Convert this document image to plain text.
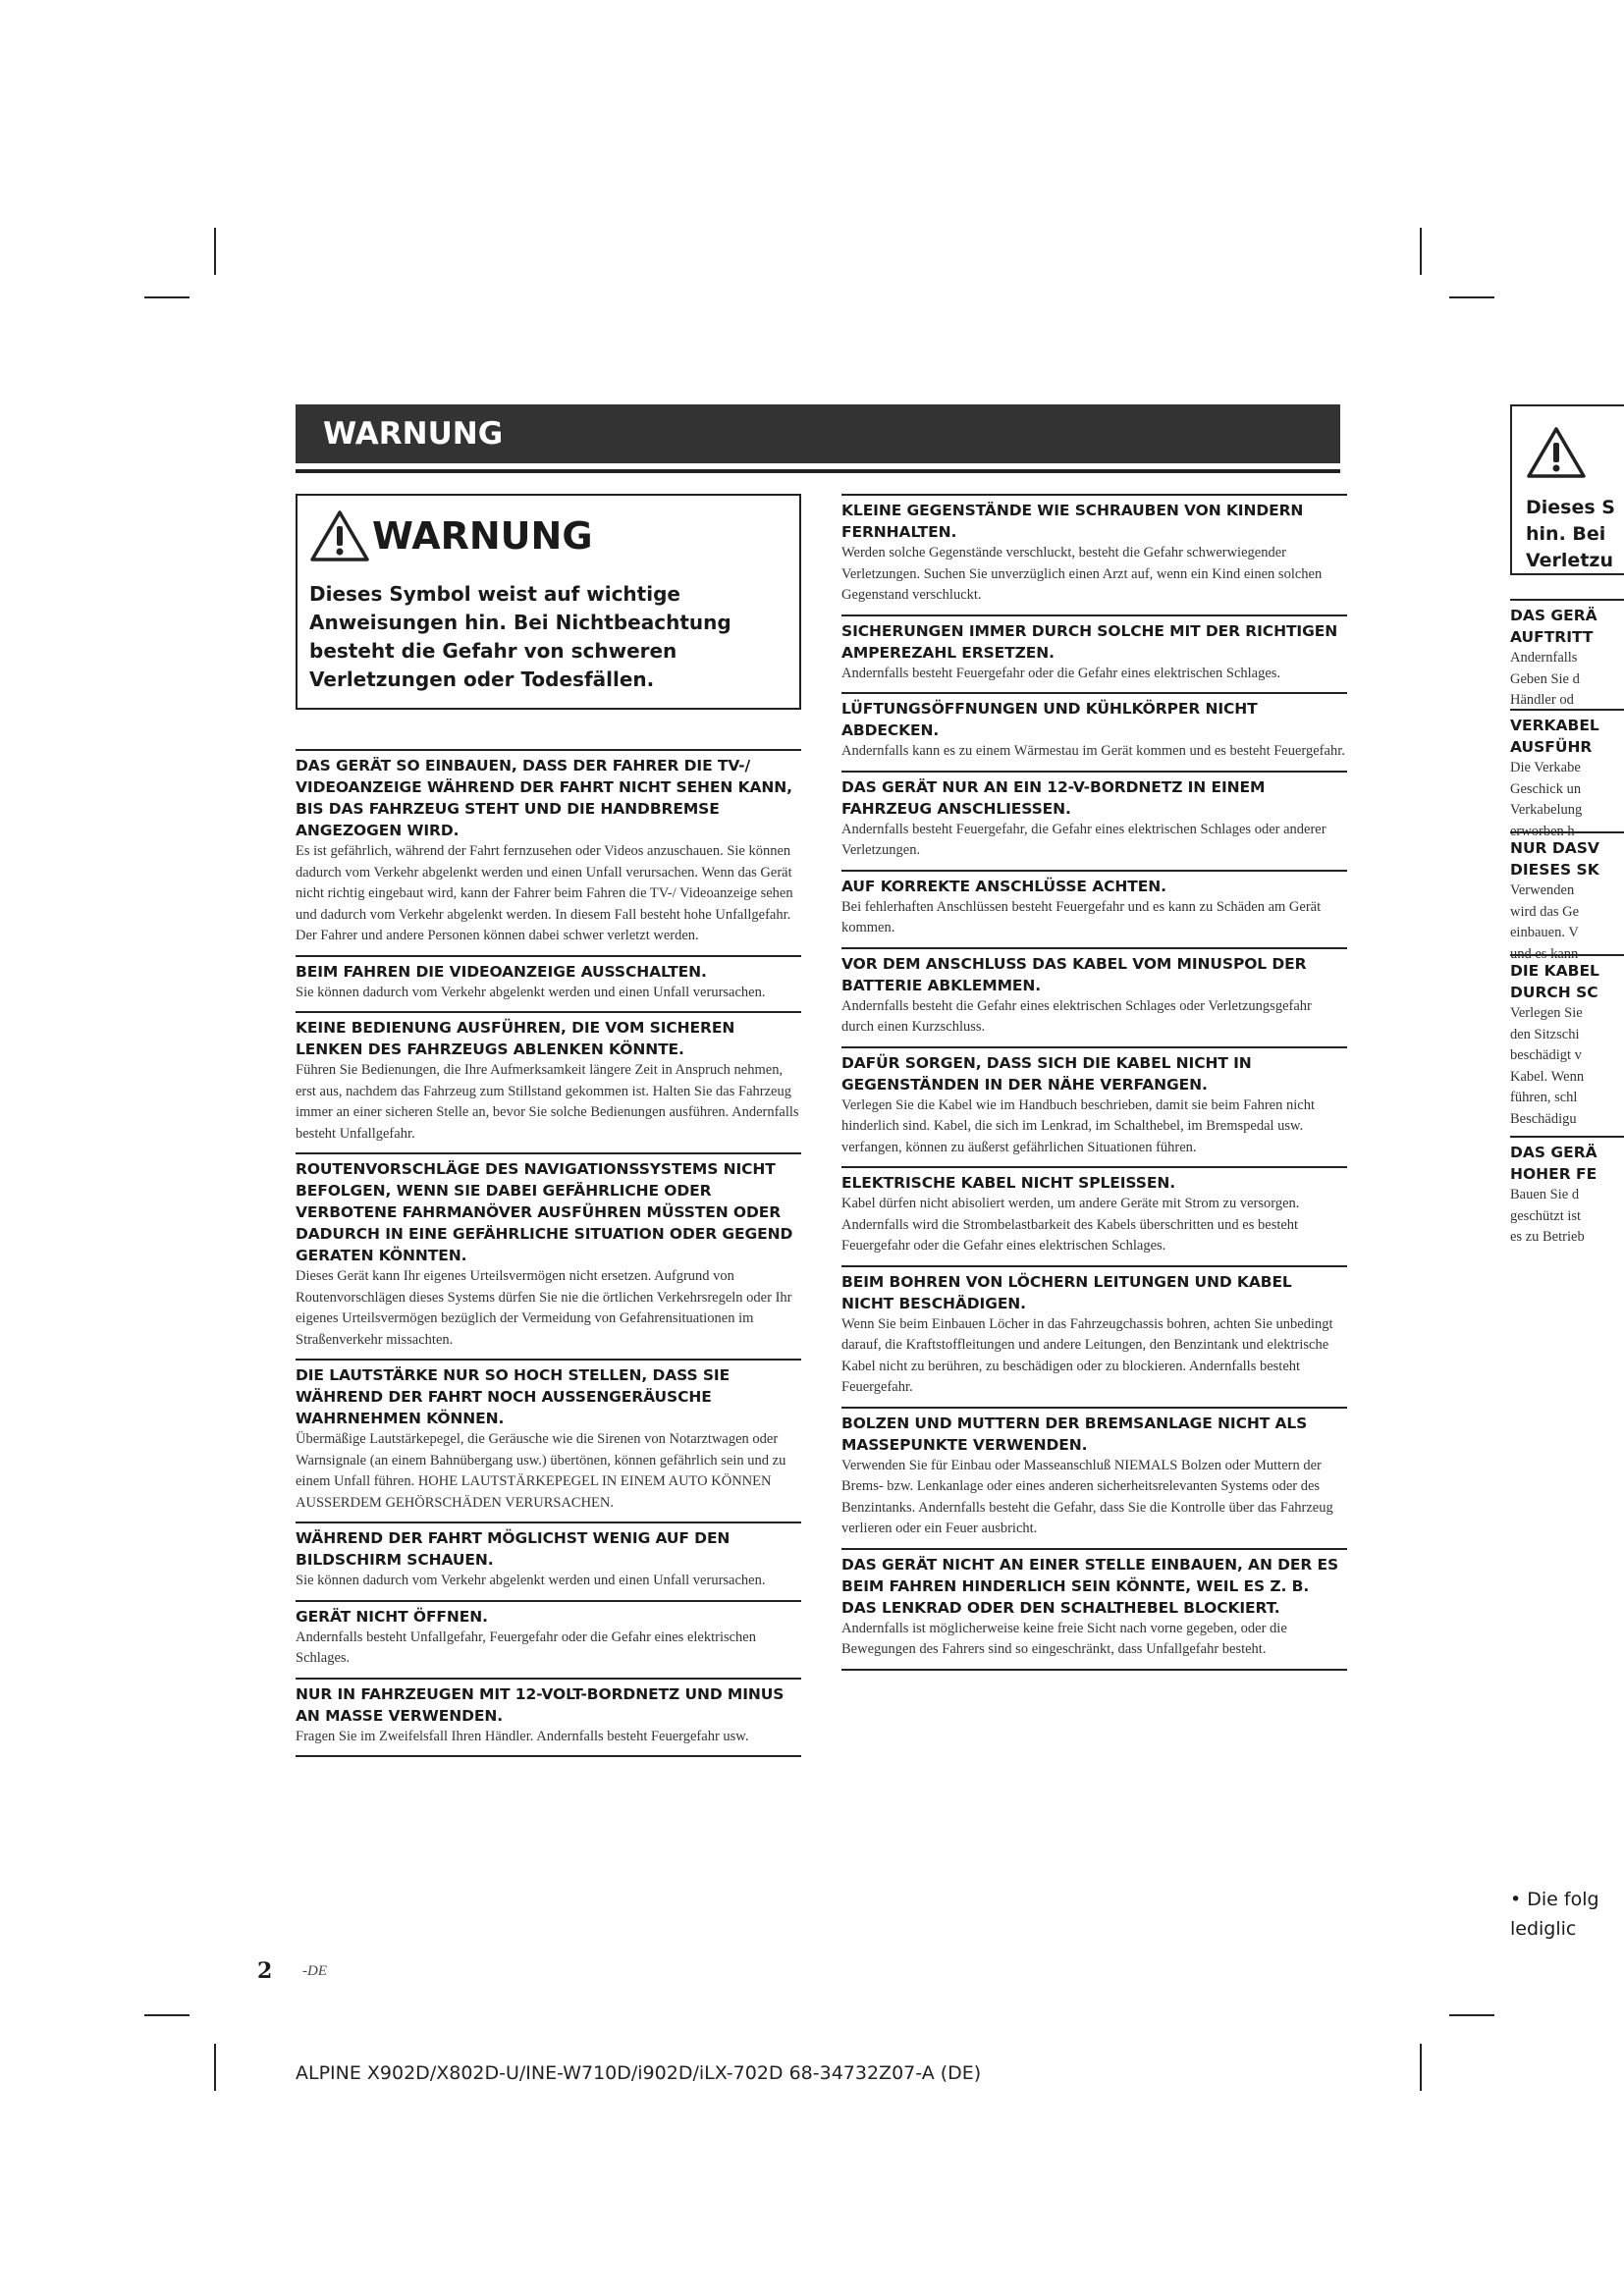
WARNUNG
WARNUNG
Dieses Symbol weist auf wichtige Anweisungen hin. Bei Nichtbeachtung besteht die Gefahr von schweren Verletzungen oder Todesfällen.
DAS GERÄT SO EINBAUEN, DASS DER FAHRER DIE TV-/ VIDEOANZEIGE WÄHREND DER FAHRT NICHT SEHEN KANN, BIS DAS FAHRZEUG STEHT UND DIE HANDBREMSE ANGEZOGEN WIRD.
Es ist gefährlich, während der Fahrt fernzusehen oder Videos anzuschauen. Sie können dadurch vom Verkehr abgelenkt werden und einen Unfall verursachen. Wenn das Gerät nicht richtig eingebaut wird, kann der Fahrer beim Fahren die TV-/ Videoanzeige sehen und dadurch vom Verkehr abgelenkt werden. In diesem Fall besteht hohe Unfallgefahr. Der Fahrer und andere Personen können dabei schwer verletzt werden.
BEIM FAHREN DIE VIDEOANZEIGE AUSSCHALTEN.
Sie können dadurch vom Verkehr abgelenkt werden und einen Unfall verursachen.
KEINE BEDIENUNG AUSFÜHREN, DIE VOM SICHEREN LENKEN DES FAHRZEUGS ABLENKEN KÖNNTE.
Führen Sie Bedienungen, die Ihre Aufmerksamkeit längere Zeit in Anspruch nehmen, erst aus, nachdem das Fahrzeug zum Stillstand gekommen ist. Halten Sie das Fahrzeug immer an einer sicheren Stelle an, bevor Sie solche Bedienungen ausführen. Andernfalls besteht Unfallgefahr.
ROUTENVORSCHLÄGE DES NAVIGATIONSSYSTEMS NICHT BEFOLGEN, WENN SIE DABEI GEFÄHRLICHE ODER VERBOTENE FAHRMANÖVER AUSFÜHREN MÜSSTEN ODER DADURCH IN EINE GEFÄHRLICHE SITUATION ODER GEGEND GERATEN KÖNNTEN.
Dieses Gerät kann Ihr eigenes Urteilsvermögen nicht ersetzen. Aufgrund von Routenvorschlägen dieses Systems dürfen Sie nie die örtlichen Verkehrsregeln oder Ihr eigenes Urteilsvermögen bezüglich der Vermeidung von Gefahrensituationen im Straßenverkehr missachten.
DIE LAUTSTÄRKE NUR SO HOCH STELLEN, DASS SIE WÄHREND DER FAHRT NOCH AUSSENGERÄUSCHE WAHRNEHMEN KÖNNEN.
Übermäßige Lautstärkepegel, die Geräusche wie die Sirenen von Notarztwagen oder Warnsignale (an einem Bahnübergang usw.) übertönen, können gefährlich sein und zu einem Unfall führen. HOHE LAUTSTÄRKEPEGEL IN EINEM AUTO KÖNNEN AUSSERDEM GEHÖRSCHÄDEN VERURSACHEN.
WÄHREND DER FAHRT MÖGLICHST WENIG AUF DEN BILDSCHIRM SCHAUEN.
Sie können dadurch vom Verkehr abgelenkt werden und einen Unfall verursachen.
GERÄT NICHT ÖFFNEN.
Andernfalls besteht Unfallgefahr, Feuergefahr oder die Gefahr eines elektrischen Schlages.
NUR IN FAHRZEUGEN MIT 12-VOLT-BORDNETZ UND MINUS AN MASSE VERWENDEN.
Fragen Sie im Zweifelsfall Ihren Händler. Andernfalls besteht Feuergefahr usw.
KLEINE GEGENSTÄNDE WIE SCHRAUBEN VON KINDERN FERNHALTEN.
Werden solche Gegenstände verschluckt, besteht die Gefahr schwerwiegender Verletzungen. Suchen Sie unverzüglich einen Arzt auf, wenn ein Kind einen solchen Gegenstand verschluckt.
SICHERUNGEN IMMER DURCH SOLCHE MIT DER RICHTIGEN AMPEREZAHL ERSETZEN.
Andernfalls besteht Feuergefahr oder die Gefahr eines elektrischen Schlages.
LÜFTUNGSÖFFNUNGEN UND KÜHLKÖRPER NICHT ABDECKEN.
Andernfalls kann es zu einem Wärmestau im Gerät kommen und es besteht Feuergefahr.
DAS GERÄT NUR AN EIN 12-V-BORDNETZ IN EINEM FAHRZEUG ANSCHLIESSEN.
Andernfalls besteht Feuergefahr, die Gefahr eines elektrischen Schlages oder anderer Verletzungen.
AUF KORREKTE ANSCHLÜSSE ACHTEN.
Bei fehlerhaften Anschlüssen besteht Feuergefahr und es kann zu Schäden am Gerät kommen.
VOR DEM ANSCHLUSS DAS KABEL VOM MINUSPOL DER BATTERIE ABKLEMMEN.
Andernfalls besteht die Gefahr eines elektrischen Schlages oder Verletzungsgefahr durch einen Kurzschluss.
DAFÜR SORGEN, DASS SICH DIE KABEL NICHT IN GEGENSTÄNDEN IN DER NÄHE VERFANGEN.
Verlegen Sie die Kabel wie im Handbuch beschrieben, damit sie beim Fahren nicht hinderlich sind. Kabel, die sich im Lenkrad, im Schalthebel, im Bremspedal usw. verfangen, können zu äußerst gefährlichen Situationen führen.
ELEKTRISCHE KABEL NICHT SPLEISSEN.
Kabel dürfen nicht abisoliert werden, um andere Geräte mit Strom zu versorgen. Andernfalls wird die Strombelastbarkeit des Kabels überschritten und es besteht Feuergefahr oder die Gefahr eines elektrischen Schlages.
BEIM BOHREN VON LÖCHERN LEITUNGEN UND KABEL NICHT BESCHÄDIGEN.
Wenn Sie beim Einbauen Löcher in das Fahrzeugchassis bohren, achten Sie unbedingt darauf, die Kraftstoffleitungen und andere Leitungen, den Benzintank und elektrische Kabel nicht zu berühren, zu beschädigen oder zu blockieren. Andernfalls besteht Feuergefahr.
BOLZEN UND MUTTERN DER BREMSANLAGE NICHT ALS MASSEPUNKTE VERWENDEN.
Verwenden Sie für Einbau oder Masseanschluß NIEMALS Bolzen oder Muttern der Brems- bzw. Lenkanlage oder eines anderen sicherheitsrelevanten Systems oder des Benzintanks. Andernfalls besteht die Gefahr, dass Sie die Kontrolle über das Fahrzeug verlieren oder ein Feuer ausbricht.
DAS GERÄT NICHT AN EINER STELLE EINBAUEN, AN DER ES BEIM FAHREN HINDERLICH SEIN KÖNNTE, WEIL ES Z. B. DAS LENKRAD ODER DEN SCHALTHEBEL BLOCKIERT.
Andernfalls ist möglicherweise keine freie Sicht nach vorne gegeben, oder die Bewegungen des Fahrers sind so eingeschränkt, dass Unfallgefahr besteht.
2 -DE
ALPINE X902D/X802D-U/INE-W710D/i902D/iLX-702D 68-34732Z07-A (DE)
Dieses S
hin. Bei
Verletzu
DAS GERÄ
AUFTRITT
Andernfalls
Geben Sie d
Händler od
VERKABEL
AUSFÜHR
Die Verkabe
Geschick un
Verkabelung
erworben h
NUR DASV
DIESES SK
Verwenden
wird das Ge
einbauen. V
und es kann
DIE KABEL
DURCH SC
Verlegen Sie
den Sitzschi
beschädigt v
Kabel. Wenn
führen, schl
Beschädigu
DAS GERÄ
HOHER FE
Bauen Sie d
geschützt ist
es zu Betrieb
• Die folg
lediglic
